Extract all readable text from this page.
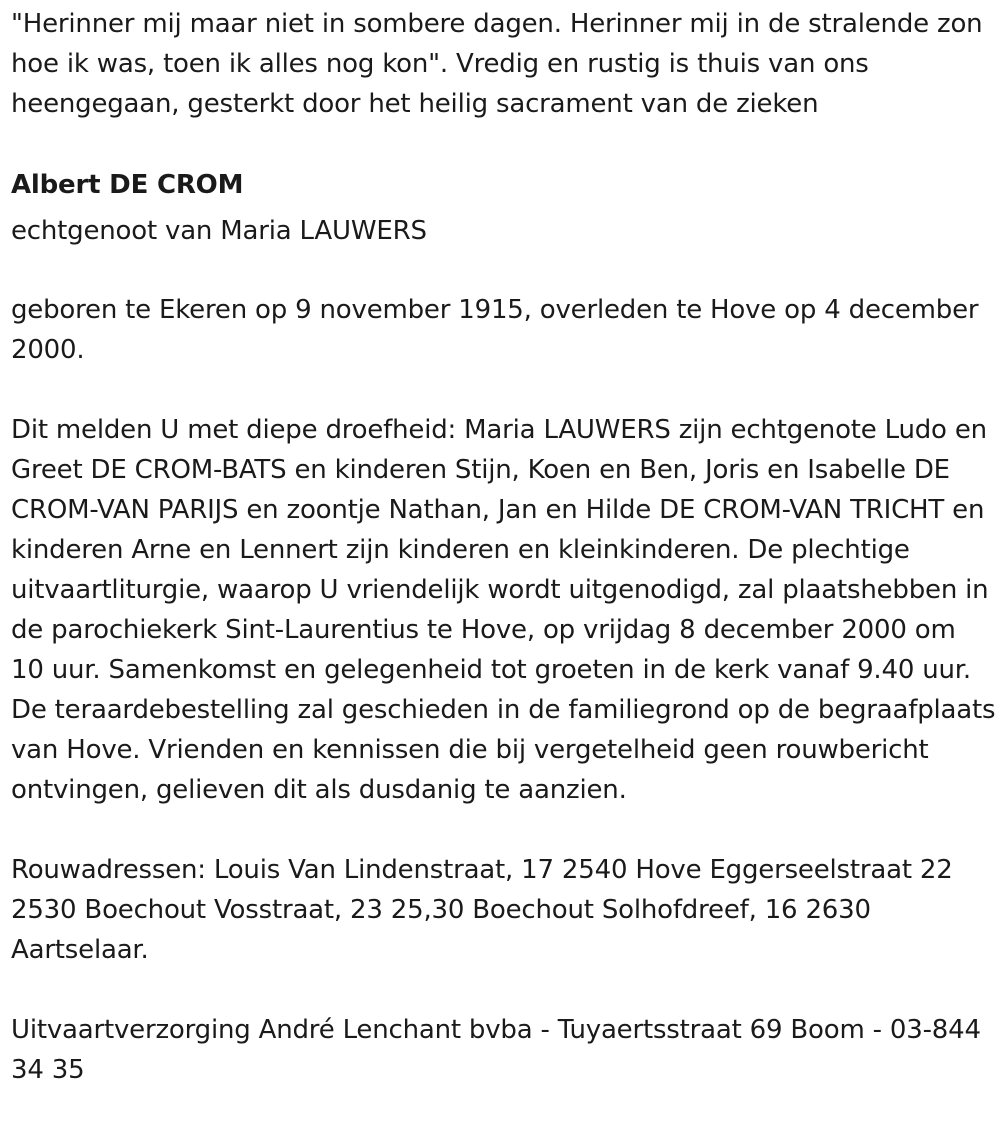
"Herinner mij maar niet in sombere dagen. Herinner mij in de stralende zon hoe ik was, toen ik alles nog kon". Vredig en rustig is thuis van ons heengegaan, gesterkt door het heilig sacrament van de zieken

Albert DE CROM

echtgenoot van Maria LAUWERS

geboren te Ekeren op 9 november 1915, overleden te Hove op 4 december 2000.

Dit melden U met diepe droefheid: Maria LAUWERS zijn echtgenote Ludo en Greet DE CROM-BATS en kinderen Stijn, Koen en Ben, Joris en Isabelle DE CROM-VAN PARIJS en zoontje Nathan, Jan en Hilde DE CROM-VAN TRICHT en kinderen Arne en Lennert zijn kinderen en kleinkinderen. De plechtige uitvaartliturgie, waarop U vriendelijk wordt uitgenodigd, zal plaatshebben in de parochiekerk Sint-Laurentius te Hove, op vrijdag 8 december 2000 om 10 uur. Samenkomst en gelegenheid tot groeten in de kerk vanaf 9.40 uur. De teraardebestelling zal geschieden in de familiegrond op de begraafplaats van Hove. Vrienden en kennissen die bij vergetelheid geen rouwbericht ontvingen, gelieven dit als dusdanig te aanzien.

Rouwadressen: Louis Van Lindenstraat, 17 2540 Hove Eggerseelstraat 22 2530 Boechout Vosstraat, 23 25,30 Boechout Solhofdreef, 16 2630 Aartselaar.

Uitvaartverzorging André Lenchant bvba - Tuyaertsstraat 69 Boom - 03-844 34 35
